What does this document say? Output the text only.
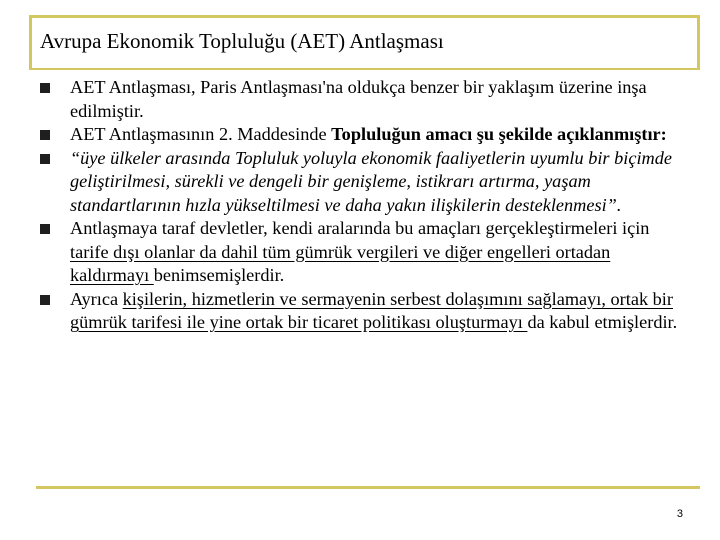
Avrupa Ekonomik Topluluğu (AET) Antlaşması
AET Antlaşması, Paris Antlaşması'na oldukça benzer bir yaklaşım üzerine inşa edilmiştir.
AET Antlaşmasının 2. Maddesinde Topluluğun amacı şu şekilde açıklanmıştır:
“üye ülkeler arasında Topluluk yoluyla ekonomik faaliyetlerin uyumlu bir biçimde geliştirilmesi, sürekli ve dengeli bir genişleme, istikrarı artırma, yaşam standartlarının hızla yükseltilmesi ve daha yakın ilişkilerin desteklenmesi”.
Antlaşmaya taraf devletler, kendi aralarında bu amaçları gerçekleştirmeleri için tarife dışı olanlar da dahil tüm gümrük vergileri ve diğer engelleri ortadan kaldırmayı benimsemişlerdir.
Ayrıca kişilerin, hizmetlerin ve sermayenin serbest dolaşımını sağlamayı, ortak bir gümrük tarifesi ile yine ortak bir ticaret politikası oluşturmayı da kabul etmişlerdir.
3
